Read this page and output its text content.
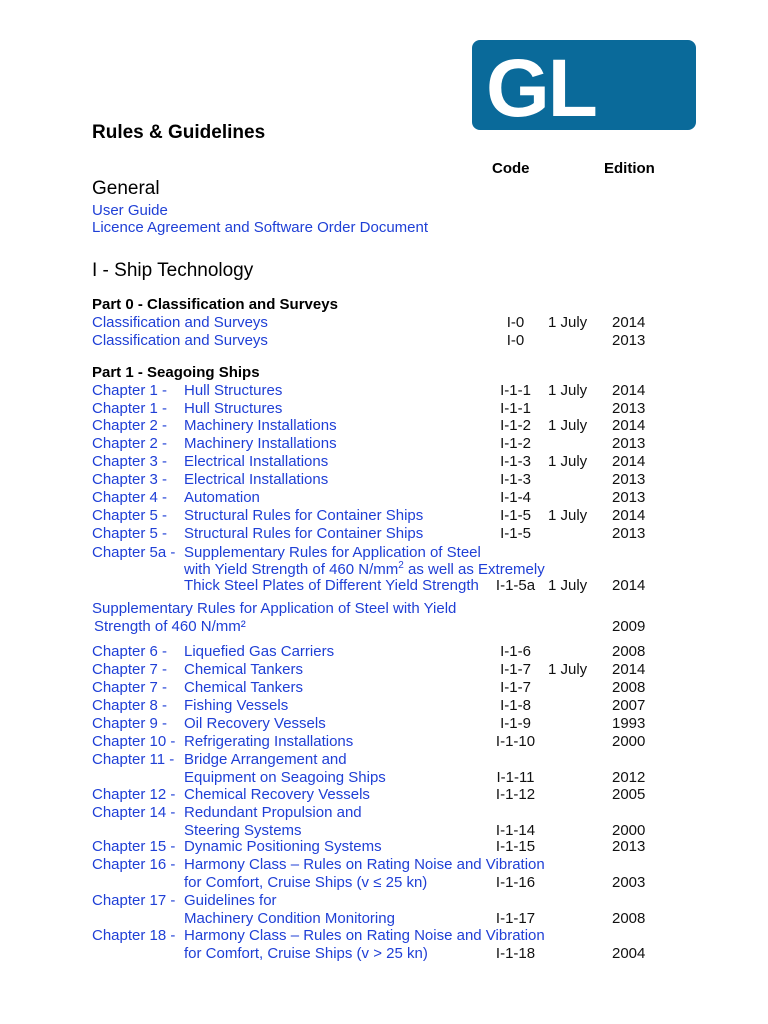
GL
Rules & Guidelines
Code	Edition
General
User Guide
Licence Agreement and Software Order Document
I - Ship Technology
Part 0 - Classification and Surveys
Classification and Surveys	I-0	1 July 2014
Classification and Surveys	I-0	2013
Part 1 - Seagoing Ships
Chapter 1 - Hull Structures	I-1-1	1 July 2014
Chapter 1 - Hull Structures	I-1-1	2013
Chapter 2 - Machinery Installations	I-1-2	1 July 2014
Chapter 2 - Machinery Installations	I-1-2	2013
Chapter 3 - Electrical Installations	I-1-3	1 July 2014
Chapter 3 - Electrical Installations	I-1-3	2013
Chapter 4 - Automation	I-1-4	2013
Chapter 5 - Structural Rules for Container Ships	I-1-5	1 July 2014
Chapter 5 - Structural Rules for Container Ships	I-1-5	2013
Chapter 5a - Supplementary Rules for Application of Steel
with Yield Strength of 460 $N/mm^2$ as well as Extremely
Thick Steel Plates of Different Yield Strength	I-1-5a 1 July 2014
Supplementary Rules for Application of Steel with Yield
Strength of 460 N/mm²	2009
Chapter 6 - Liquefied Gas Carriers	I-1-6	2008
Chapter 7 - Chemical Tankers	I-1-7	1 July 2014
Chapter 7 - Chemical Tankers	I-1-7	2008
Chapter 8 - Fishing Vessels	I-1-8	2007
Chapter 9 - Oil Recovery Vessels	I-1-9	1993
Chapter 10 - Refrigerating Installations	I-1-10	2000
Chapter 11 - Bridge Arrangement and
Equipment on Seagoing Ships	I-1-11	2012
Chapter 12 - Chemical Recovery Vessels	I-1-12	2005
Chapter 14 - Redundant Propulsion and
Steering Systems	I-1-14	2000
Chapter 15 - Dynamic Positioning Systems	I-1-15	2013
Chapter 16 - Harmony Class – Rules on Rating Noise and Vibration
for Comfort, Cruise Ships (v ≤ 25 kn)	I-1-16	2003
Chapter 17 - Guidelines for
Machinery Condition Monitoring	I-1-17	2008
Chapter 18 - Harmony Class – Rules on Rating Noise and Vibration
for Comfort, Cruise Ships (v > 25 kn)	I-1-18	2004
